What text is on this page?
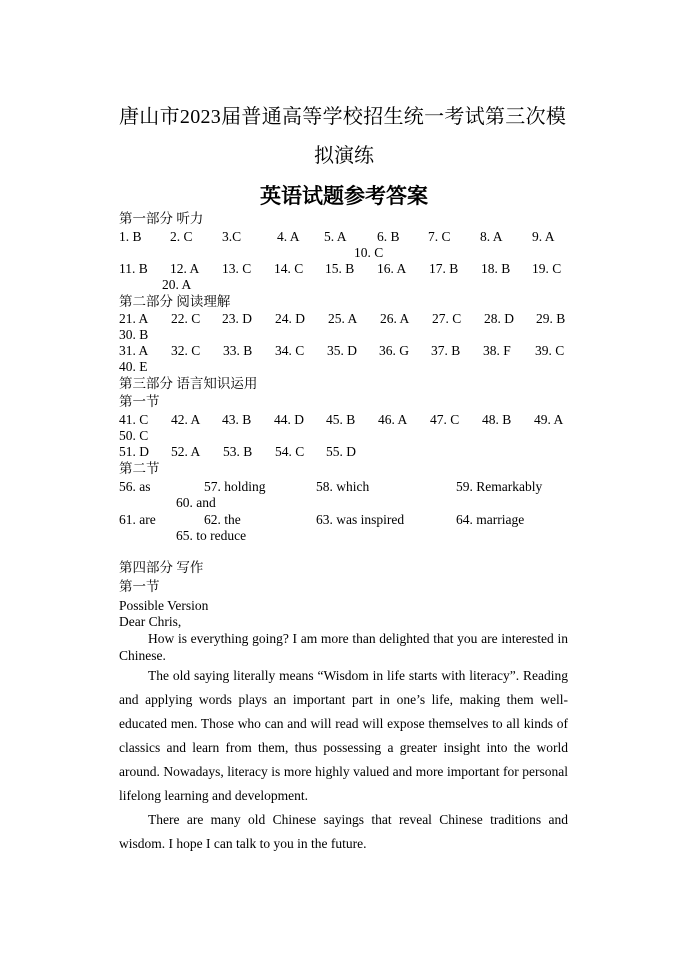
唐山市2023届普通高等学校招生统一考试第三次模
拟演练
英语试题参考答案
第一部分 听力
1. B 2. C 3.C	4. A 5. A 6. B 7. C 8. A 9. A
10. C
11. B 12. A 13. C 14. C 15. B 16. A 17. B 18. B 19. C
20. A
第二部分 阅读理解
21. A 22. C 23. D 24. D 25. A 26. A 27. C 28. D 29. B
30. B
31. A 32. C 33. B 34. C 35. D 36. G 37. B 38. F 39. C
40. E
第三部分 语言知识运用
第一节
41. C 42. A 43. B 44. D 45. B 46. A 47. C 48. B 49. A
50. C
51. D 52. A 53. B 54. C 55. D
第二节
56. as	57. holding	58. which	59. Remarkably
60. and
61. are	62. the	63. was inspired	64. marriage
65. to reduce
第四部分 写作
第一节
Possible Version
Dear Chris,
How is everything going? I am more than delighted that you are interested in Chinese.
The old saying literally means “Wisdom in life starts with literacy”. Reading and applying words plays an important part in one’s life, making them well-educated men. Those who can and will read will expose themselves to all kinds of classics and learn from them, thus possessing a greater insight into the world around. Nowadays, literacy is more highly valued and more important for personal lifelong learning and development.
There are many old Chinese sayings that reveal Chinese traditions and wisdom. I hope I can talk to you in the future.
